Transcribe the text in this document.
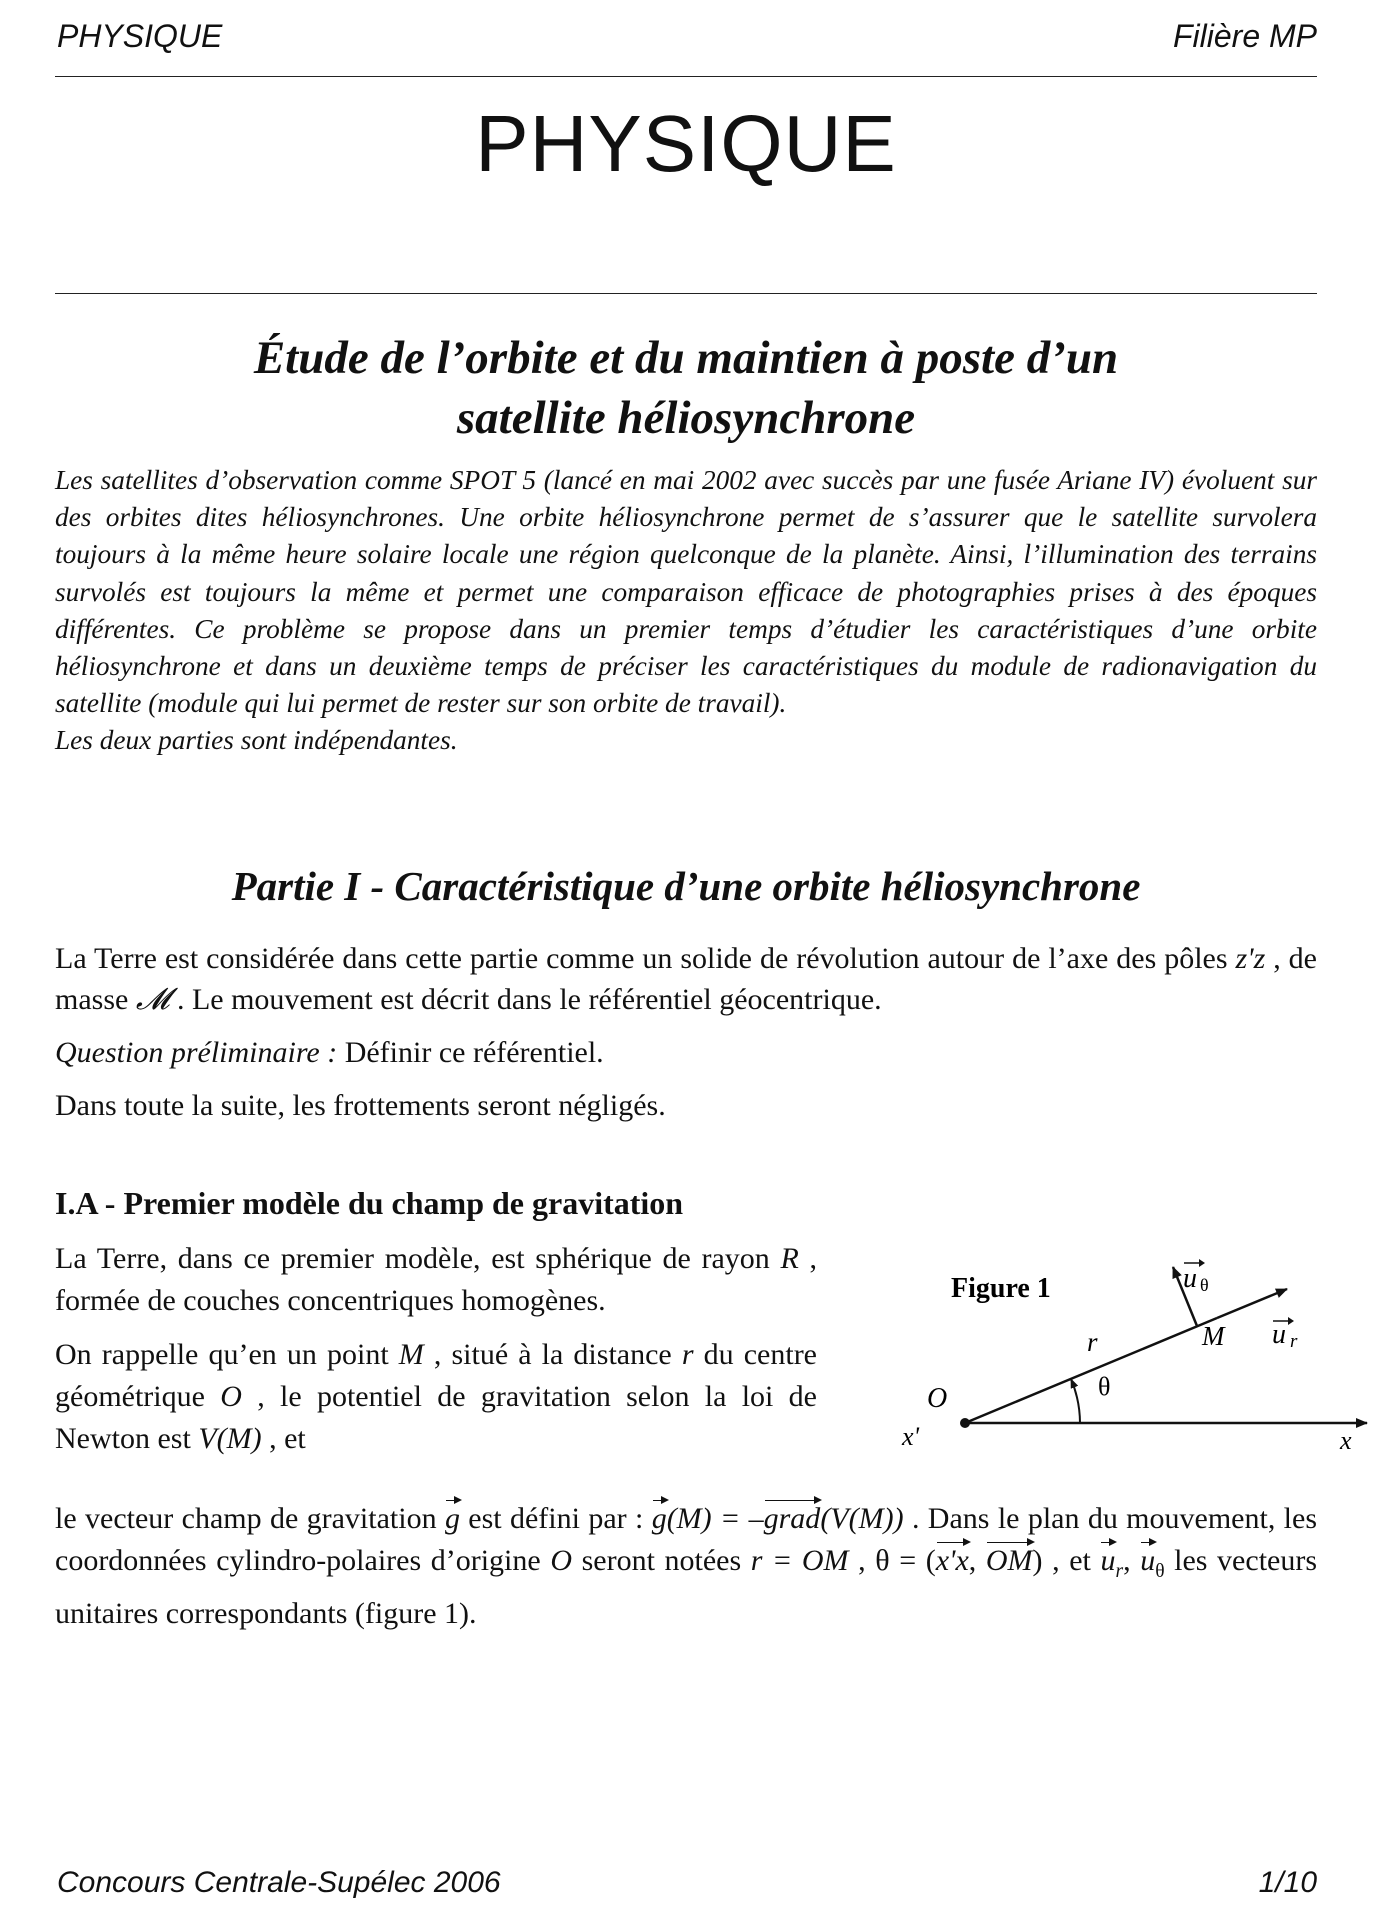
PHYSIQUE	Filière MP
PHYSIQUE
Étude de l’orbite et du maintien à poste d’un
satellite héliosynchrone

Les satellites d’observation comme SPOT 5 (lancé en mai 2002 avec succès par une fusée Ariane IV) évoluent sur des orbites dites héliosynchrones. Une orbite héliosynchrone permet de s’assurer que le satellite survolera toujours à la même heure solaire locale une région quelconque de la planète. Ainsi, l’illumination des terrains survolés est toujours la même et permet une comparaison efficace de photographies prises à des époques différentes. Ce problème se propose dans un premier temps d’étudier les caractéristiques d’une orbite héliosynchrone et dans un deuxième temps de préciser les caractéristiques du module de radionavigation du satellite (module qui lui permet de rester sur son orbite de travail).

Les deux parties sont indépendantes.

Partie I - Caractéristique d’une orbite héliosynchrone

La Terre est considérée dans cette partie comme un solide de révolution autour de l’axe des pôles z'z , de masse 𝓜 . Le mouvement est décrit dans le référentiel géocentrique.

Question préliminaire : Définir ce référentiel.

Dans toute la suite, les frottements seront négligés.

I.A - Premier modèle du champ de gravitation

La Terre, dans ce premier modèle, est sphérique de rayon R , formée de couches concentriques homogènes.

On rappelle qu’en un point M , situé à la distance r du centre géométrique O , le potentiel de gravitation selon la loi de Newton est V(M) , et

le vecteur champ de gravitation g est défini par : g(M) = –grad(V(M)) . Dans le plan du mouvement, les coordonnées cylindro-polaires d’origine O seront notées r = OM , θ = (x'x, OM) , et $u_r$, $u_\theta$ les vecteurs unitaires correspondants (figure 1).

Figure 1
O
x'	x
r	M
θ
u θ
u r
Concours Centrale-Supélec 2006	1/10
